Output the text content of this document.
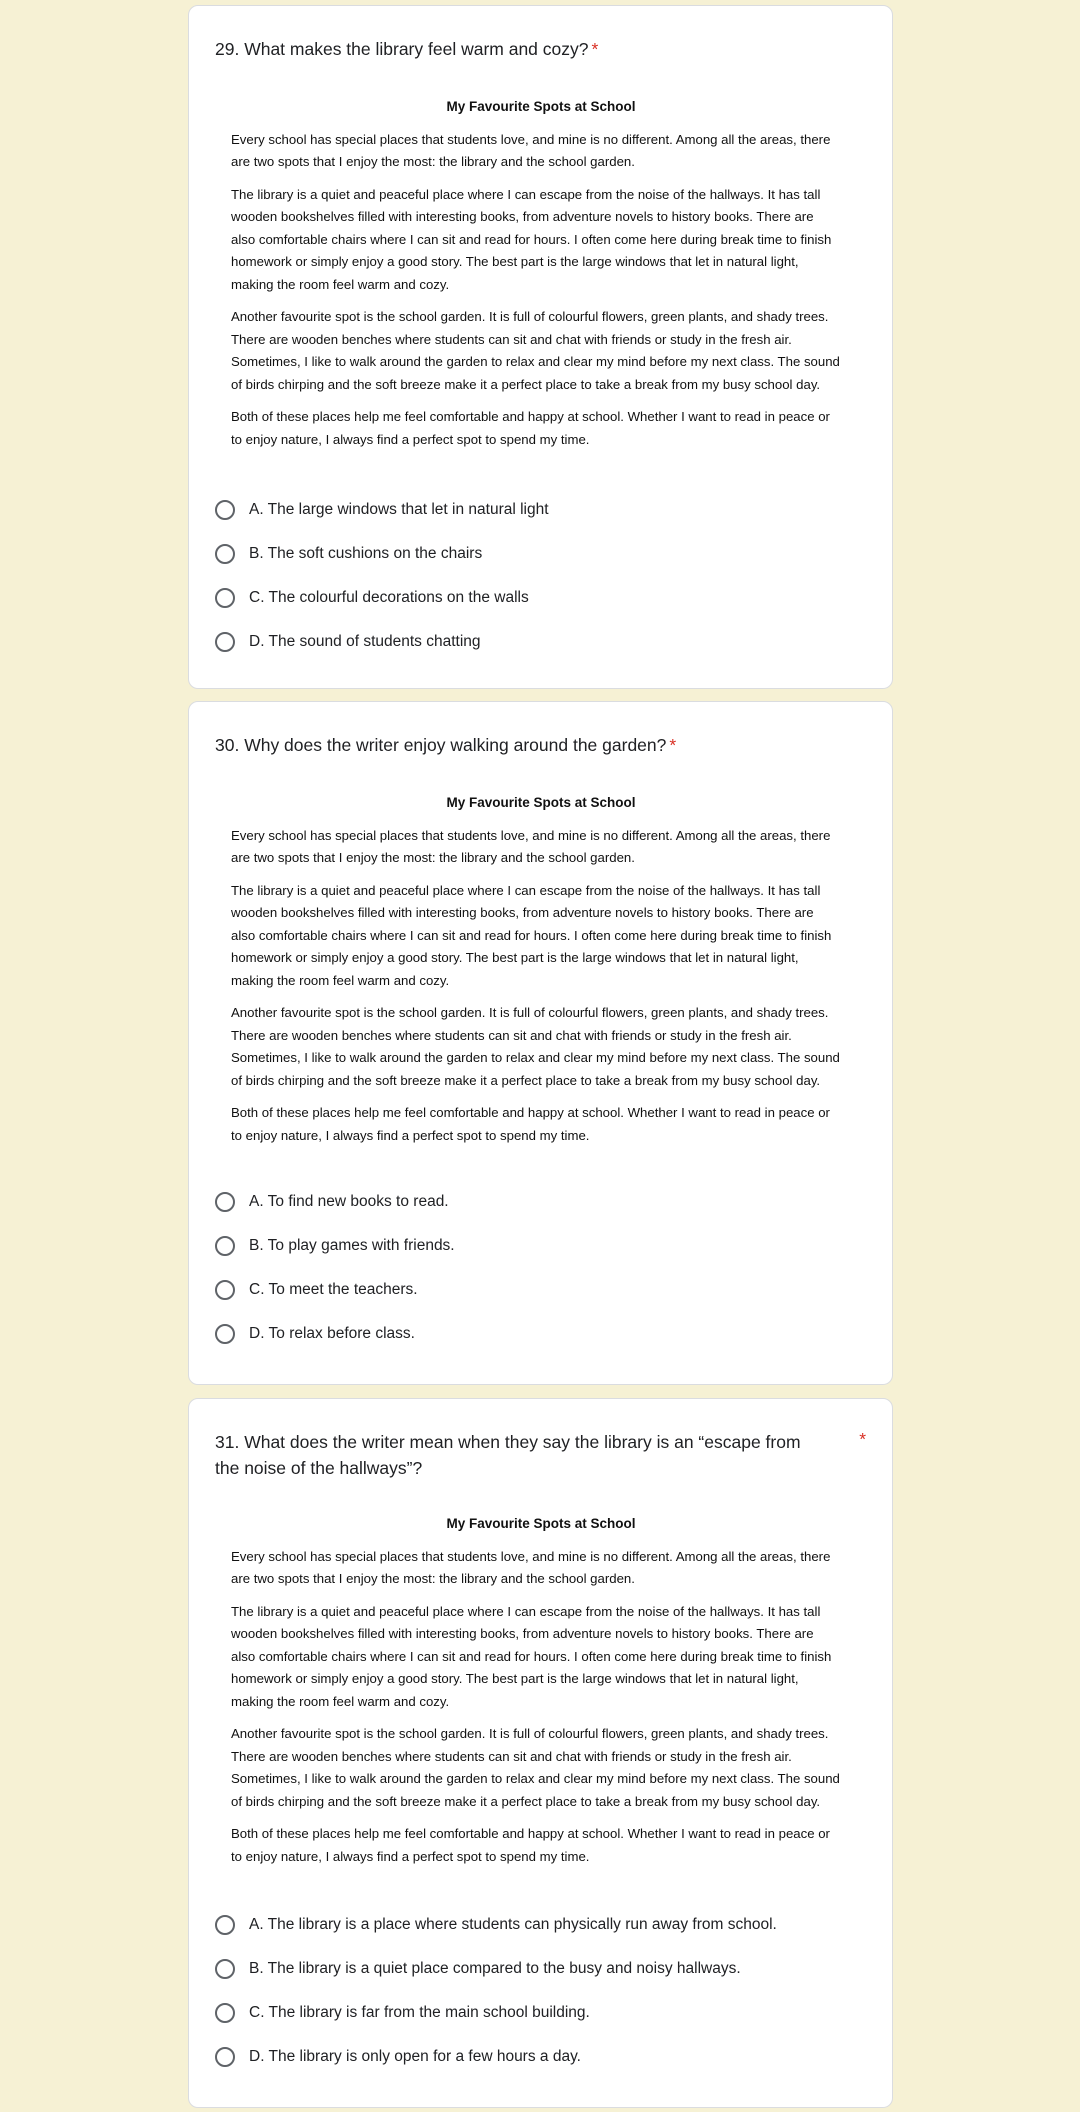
29. What makes the library feel warm and cozy? *

My Favourite Spots at School

Every school has special places that students love, and mine is no different. Among all the areas, there are two spots that I enjoy the most: the library and the school garden.

The library is a quiet and peaceful place where I can escape from the noise of the hallways. It has tall wooden bookshelves filled with interesting books, from adventure novels to history books. There are also comfortable chairs where I can sit and read for hours. I often come here during break time to finish homework or simply enjoy a good story. The best part is the large windows that let in natural light, making the room feel warm and cozy.

Another favourite spot is the school garden. It is full of colourful flowers, green plants, and shady trees. There are wooden benches where students can sit and chat with friends or study in the fresh air. Sometimes, I like to walk around the garden to relax and clear my mind before my next class. The sound of birds chirping and the soft breeze make it a perfect place to take a break from my busy school day.

Both of these places help me feel comfortable and happy at school. Whether I want to read in peace or to enjoy nature, I always find a perfect spot to spend my time.

A. The large windows that let in natural light
B. The soft cushions on the chairs
C. The colourful decorations on the walls
D. The sound of students chatting
30. Why does the writer enjoy walking around the garden? *

My Favourite Spots at School

Every school has special places that students love, and mine is no different. Among all the areas, there are two spots that I enjoy the most: the library and the school garden.

The library is a quiet and peaceful place where I can escape from the noise of the hallways. It has tall wooden bookshelves filled with interesting books, from adventure novels to history books. There are also comfortable chairs where I can sit and read for hours. I often come here during break time to finish homework or simply enjoy a good story. The best part is the large windows that let in natural light, making the room feel warm and cozy.

Another favourite spot is the school garden. It is full of colourful flowers, green plants, and shady trees. There are wooden benches where students can sit and chat with friends or study in the fresh air. Sometimes, I like to walk around the garden to relax and clear my mind before my next class. The sound of birds chirping and the soft breeze make it a perfect place to take a break from my busy school day.

Both of these places help me feel comfortable and happy at school. Whether I want to read in peace or to enjoy nature, I always find a perfect spot to spend my time.

A. To find new books to read.
B. To play games with friends.
C. To meet the teachers.
D. To relax before class.
31. What does the writer mean when they say the library is an “escape from the noise of the hallways”?
*

My Favourite Spots at School

Every school has special places that students love, and mine is no different. Among all the areas, there are two spots that I enjoy the most: the library and the school garden.

The library is a quiet and peaceful place where I can escape from the noise of the hallways. It has tall wooden bookshelves filled with interesting books, from adventure novels to history books. There are also comfortable chairs where I can sit and read for hours. I often come here during break time to finish homework or simply enjoy a good story. The best part is the large windows that let in natural light, making the room feel warm and cozy.

Another favourite spot is the school garden. It is full of colourful flowers, green plants, and shady trees. There are wooden benches where students can sit and chat with friends or study in the fresh air. Sometimes, I like to walk around the garden to relax and clear my mind before my next class. The sound of birds chirping and the soft breeze make it a perfect place to take a break from my busy school day.

Both of these places help me feel comfortable and happy at school. Whether I want to read in peace or to enjoy nature, I always find a perfect spot to spend my time.

A. The library is a place where students can physically run away from school.
B. The library is a quiet place compared to the busy and noisy hallways.
C. The library is far from the main school building.
D. The library is only open for a few hours a day.
